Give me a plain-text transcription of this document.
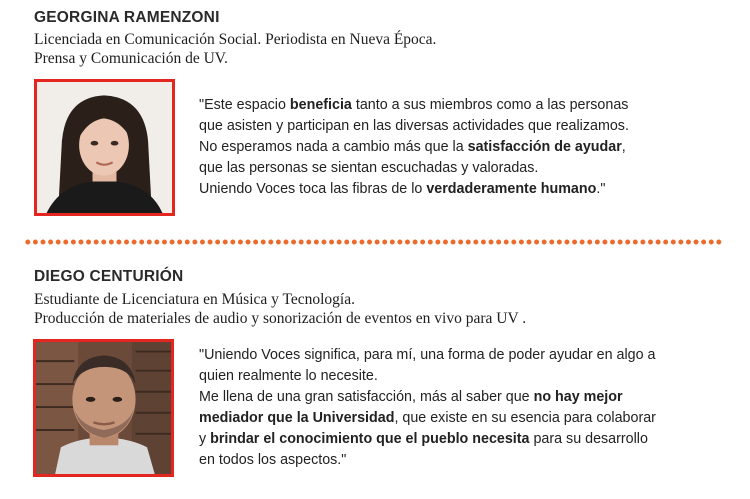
GEORGINA RAMENZONI
Licenciada en Comunicación Social. Periodista en Nueva Época.
Prensa y Comunicación de UV.
"Este espacio beneficia tanto a sus miembros como a las personas
que asisten y participan en las diversas actividades que realizamos.
No esperamos nada a cambio más que la satisfacción de ayudar,
que las personas se sientan escuchadas y valoradas.
Uniendo Voces toca las fibras de lo verdaderamente humano."
DIEGO CENTURIÓN
Estudiante de Licenciatura en Música y Tecnología.
Producción de materiales de audio y sonorización de eventos en vivo para UV .
"Uniendo Voces significa, para mí, una forma de poder ayudar en algo a
quien realmente lo necesite.
Me llena de una gran satisfacción, más al saber que no hay mejor
mediador que la Universidad, que existe en su esencia para colaborar
y brindar el conocimiento que el pueblo necesita para su desarrollo
en todos los aspectos."
